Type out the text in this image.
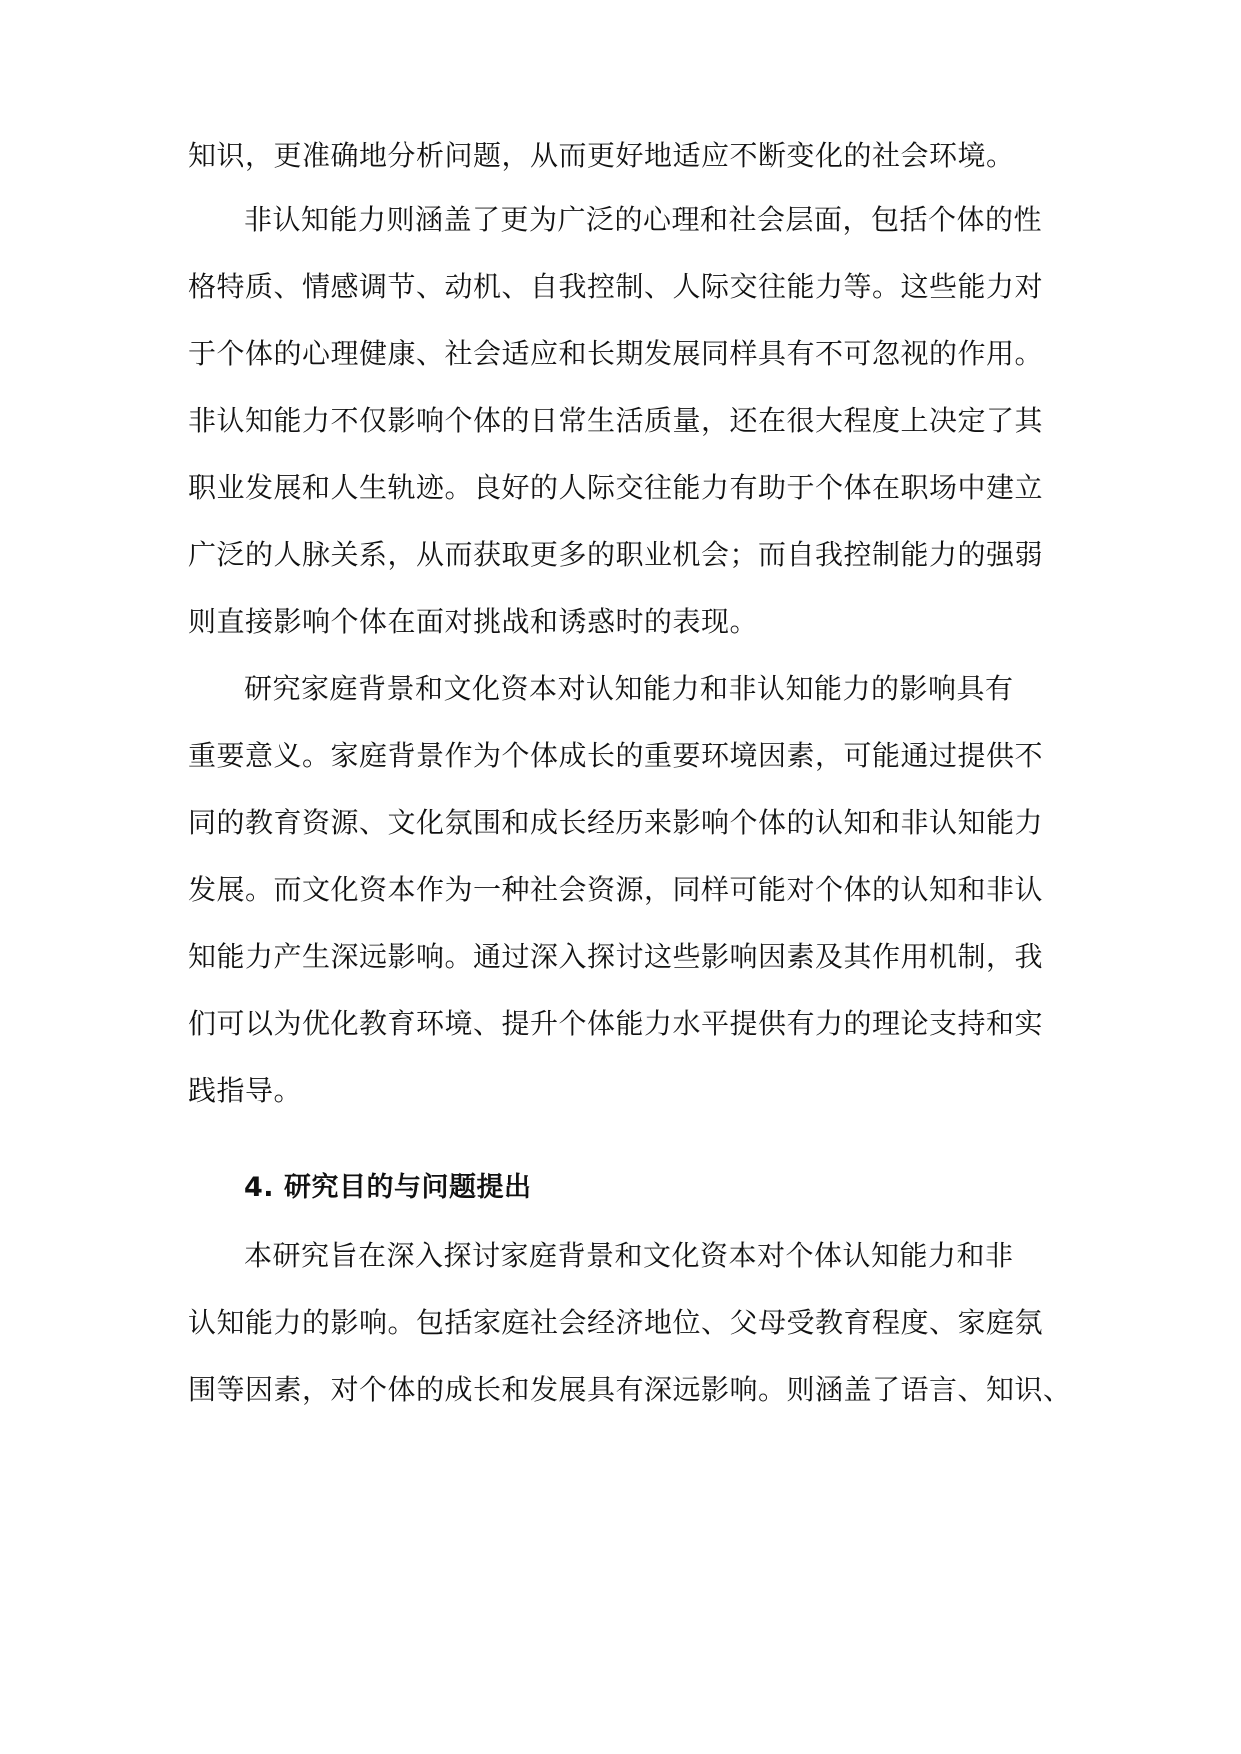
知识，更准确地分析问题，从而更好地适应不断变化的社会环境。

非认知能力则涵盖了更为广泛的心理和社会层面，包括个体的性

格特质、情感调节、动机、自我控制、人际交往能力等。这些能力对

于个体的心理健康、社会适应和长期发展同样具有不可忽视的作用。

非认知能力不仅影响个体的日常生活质量，还在很大程度上决定了其

职业发展和人生轨迹。良好的人际交往能力有助于个体在职场中建立

广泛的人脉关系，从而获取更多的职业机会；而自我控制能力的强弱

则直接影响个体在面对挑战和诱惑时的表现。

研究家庭背景和文化资本对认知能力和非认知能力的影响具有

重要意义。家庭背景作为个体成长的重要环境因素，可能通过提供不

同的教育资源、文化氛围和成长经历来影响个体的认知和非认知能力

发展。而文化资本作为一种社会资源，同样可能对个体的认知和非认

知能力产生深远影响。通过深入探讨这些影响因素及其作用机制，我

们可以为优化教育环境、提升个体能力水平提供有力的理论支持和实

践指导。

4. 研究目的与问题提出

本研究旨在深入探讨家庭背景和文化资本对个体认知能力和非

认知能力的影响。包括家庭社会经济地位、父母受教育程度、家庭氛

围等因素，对个体的成长和发展具有深远影响。则涵盖了语言、知识、
